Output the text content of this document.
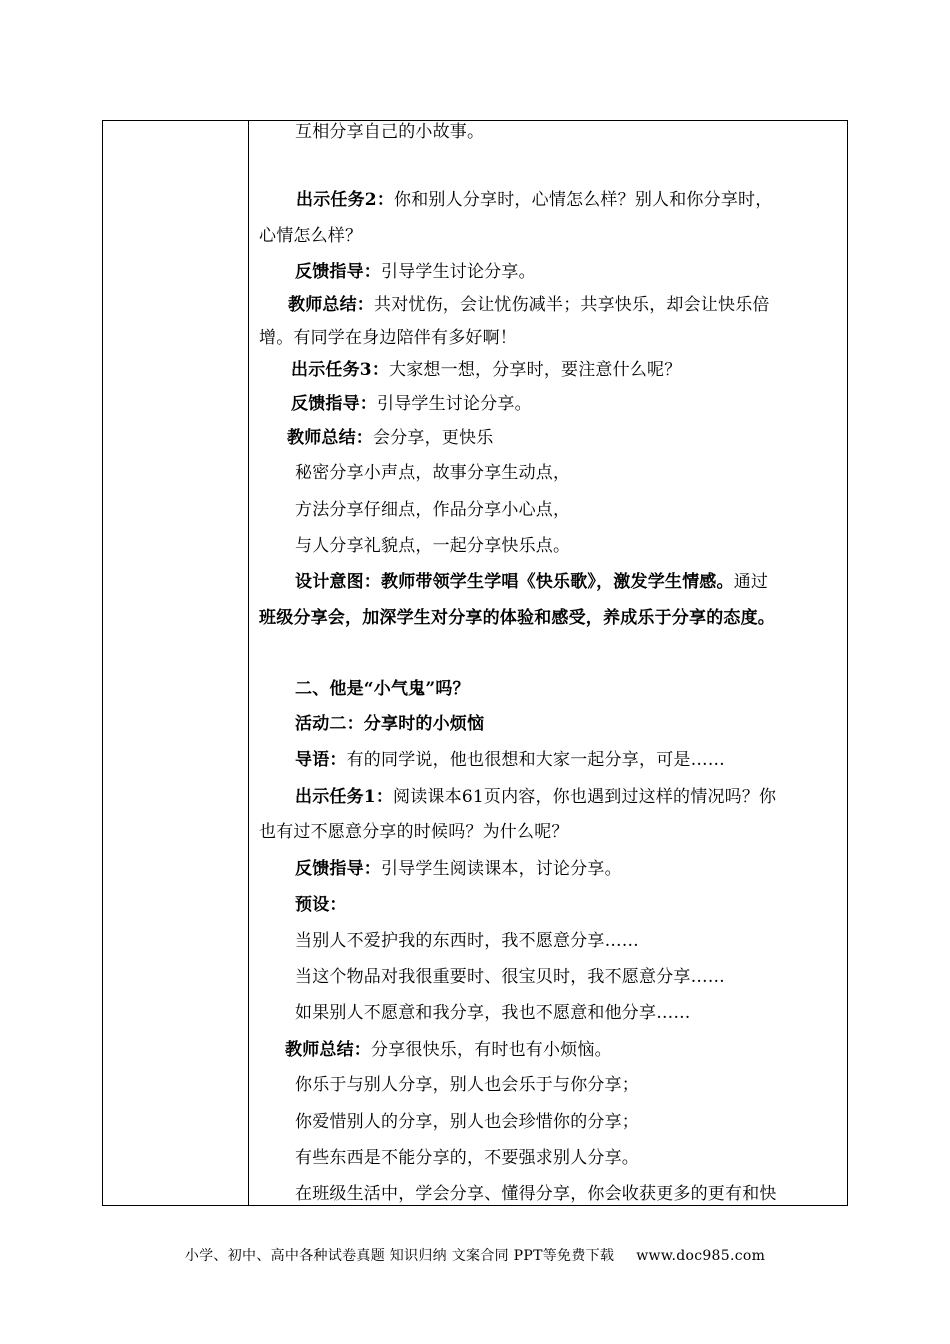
互相分享自己的小故事。
出示任务2：你和别人分享时，心情怎么样？别人和你分享时，
心情怎么样？
反馈指导：引导学生讨论分享。
教师总结：共对忧伤，会让忧伤减半；共享快乐，却会让快乐倍
增。有同学在身边陪伴有多好啊！
出示任务3：大家想一想，分享时，要注意什么呢？
反馈指导：引导学生讨论分享。
教师总结：会分享，更快乐
秘密分享小声点，故事分享生动点，
方法分享仔细点，作品分享小心点，
与人分享礼貌点，一起分享快乐点。
设计意图：教师带领学生学唱《快乐歌》，激发学生情感。通过
班级分享会，加深学生对分享的体验和感受，养成乐于分享的态度。
二、他是“小气鬼”吗？
活动二：分享时的小烦恼
导语：有的同学说，他也很想和大家一起分享，可是……
出示任务1：阅读课本61页内容，你也遇到过这样的情况吗？你
也有过不愿意分享的时候吗？为什么呢？
反馈指导：引导学生阅读课本，讨论分享。
预设：
当别人不爱护我的东西时，我不愿意分享……
当这个物品对我很重要时、很宝贝时，我不愿意分享……
如果别人不愿意和我分享，我也不愿意和他分享……
教师总结：分享很快乐，有时也有小烦恼。
你乐于与别人分享，别人也会乐于与你分享；
你爱惜别人的分享，别人也会珍惜你的分享；
有些东西是不能分享的，不要强求别人分享。
在班级生活中，学会分享、懂得分享，你会收获更多的更有和快
小学、初中、高中各种试卷真题 知识归纳 文案合同 PPT等免费下载 www.doc985.com
